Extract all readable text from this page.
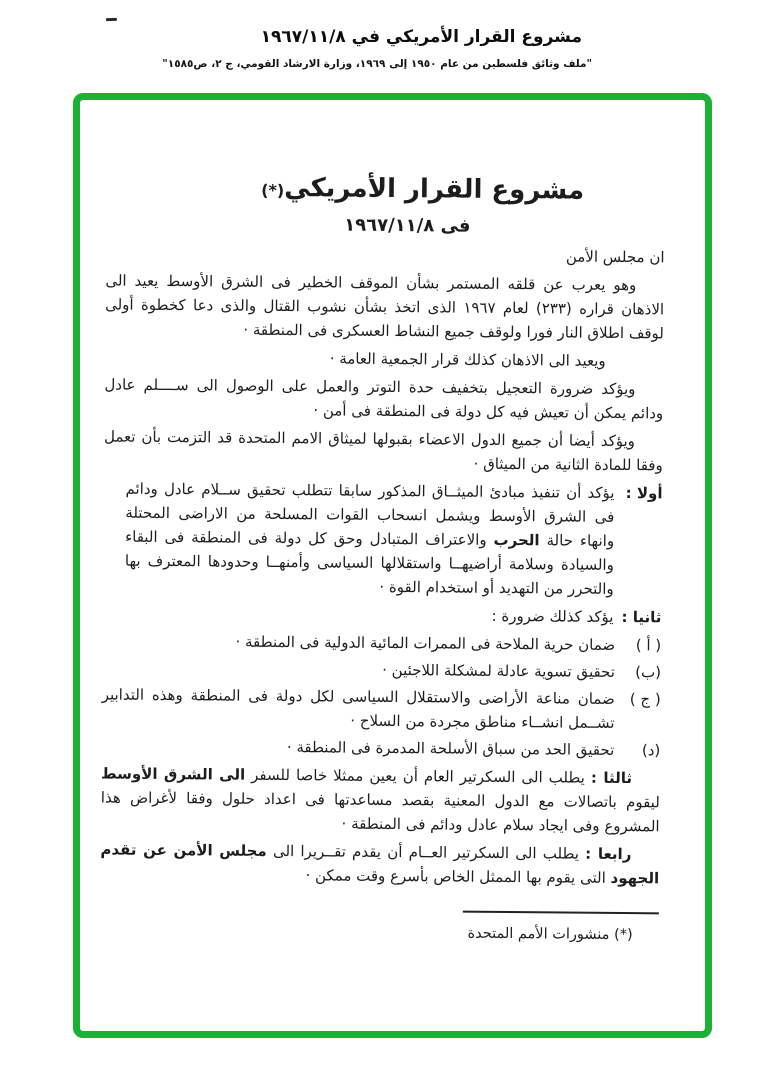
مشروع القرار الأمريكي في ١٩٦٧/١١/٨
"ملف وثائق فلسطين من عام ١٩٥٠ إلى ١٩٦٩، وزارة الارشاد القومي، ج ٢، ص١٥٨٥"
مشروع القرار الأمريكي(*)
فى ١٩٦٧/١١/٨

ان مجلس الأمن

وهو يعرب عن قلقه المستمر بشأن الموقف الخطير فى الشرق الأوسط يعيد الى الاذهان قراره (٢٣٣) لعام ١٩٦٧ الذى اتخذ بشأن نشوب القتال والذى دعا كخطوة أولى لوقف اطلاق النار فورا ولوقف جميع النشاط العسكرى فى المنطقة ·

ويعيد الى الاذهان كذلك قرار الجمعية العامة ·

ويؤكد ضرورة التعجيل بتخفيف حدة التوتر والعمل على الوصول الى ســــلم عادل ودائم يمكن أن تعيش فيه كل دولة فى المنطقة فى أمن ·

ويؤكد أيضا أن جميع الدول الاعضاء بقبولها لميثاق الامم المتحدة قد التزمت بأن تعمل وفقا للمادة الثانية من الميثاق ·

أولا :
يؤكد أن تنفيذ مبادئ الميثــاق المذكور سابقا تتطلب تحقيق ســلام عادل ودائم فى الشرق الأوسط ويشمل انسحاب القوات المسلحة من الاراضى المحتلة وانهاء حالة الحرب والاعتراف المتبادل وحق كل دولة فى المنطقة فى البقاء والسيادة وسلامة أراضيهــا واستقلالها السياسى وأمنهــا وحدودها المعترف بها والتحرر من التهديد أو استخدام القوة ·
ثانيا :
يؤكد كذلك ضرورة :
( أ )
ضمان حرية الملاحة فى الممرات المائية الدولية فى المنطقة ·
(ب)
تحقيق تسوية عادلة لمشكلة اللاجئين ·
( ج )
ضمان مناعة الأراضى والاستقلال السياسى لكل دولة فى المنطقة وهذه التدابير تشــمل انشــاء مناطق مجردة من السلاح ·
(د)
تحقيق الحد من سباق الأسلحة المدمرة فى المنطقة ·

ثالثا : يطلب الى السكرتير العام أن يعين ممثلا خاصا للسفر الى الشرق الأوسط ليقوم باتصالات مع الدول المعنية بقصد مساعدتها فى اعداد حلول وفقا لأغراض هذا المشروع وفى ايجاد سلام عادل ودائم فى المنطقة ·

رابعا : يطلب الى السكرتير العــام أن يقدم تقــريرا الى مجلس الأمن عن تقدم الجهود التى يقوم بها الممثل الخاص بأسرع وقت ممكن ·

(*) منشورات الأمم المتحدة
